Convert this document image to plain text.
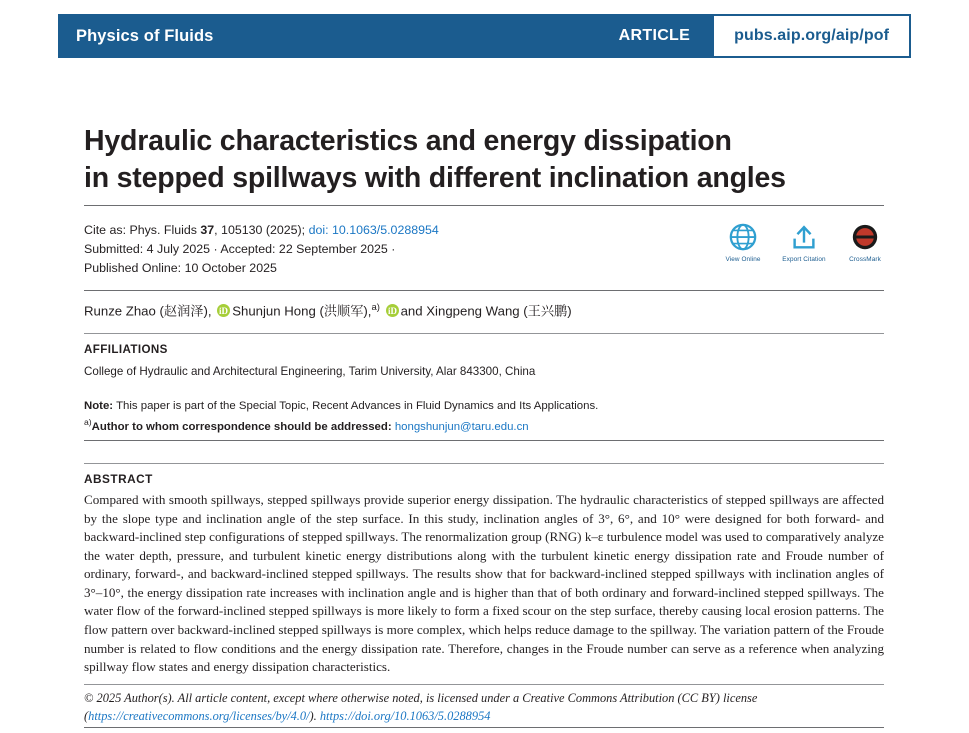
Physics of Fluids	ARTICLE	pubs.aip.org/aip/pof
Hydraulic characteristics and energy dissipation
in stepped spillways with different inclination angles
Cite as: Phys. Fluids 37, 105130 (2025); doi: 10.1063/5.0288954
Submitted: 4 July 2025 · Accepted: 22 September 2025 ·
Published Online: 10 October 2025
View Online	Export Citation	CrossMark
Runze Zhao (赵润泽), iD Shunjun Hong (洪顺军),$^{a)}$ iD and Xingpeng Wang (王兴鹏)
AFFILIATIONS
College of Hydraulic and Architectural Engineering, Tarim University, Alar 843300, China
Note: This paper is part of the Special Topic, Recent Advances in Fluid Dynamics and Its Applications.
$^{a)}$Author to whom correspondence should be addressed: hongshunjun@taru.edu.cn
ABSTRACT
Compared with smooth spillways, stepped spillways provide superior energy dissipation. The hydraulic characteristics of stepped spillways are affected by the slope type and inclination angle of the step surface. In this study, inclination angles of 3°, 6°, and 10° were designed for both forward- and backward-inclined step configurations of stepped spillways. The renormalization group (RNG) k–ε turbulence model was used to comparatively analyze the water depth, pressure, and turbulent kinetic energy distributions along with the turbulent kinetic energy dissipation rate and Froude number of ordinary, forward-, and backward-inclined stepped spillways. The results show that for backward-inclined stepped spillways with inclination angles of 3°–10°, the energy dissipation rate increases with inclination angle and is higher than that of both ordinary and forward-inclined stepped spillways. The water flow of the forward-inclined stepped spillways is more likely to form a fixed scour on the step surface, thereby causing local erosion patterns. The flow pattern over backward-inclined stepped spillways is more complex, which helps reduce damage to the spillway. The variation pattern of the Froude number is related to flow conditions and the energy dissipation rate. Therefore, changes in the Froude number can serve as a reference when analyzing spillway flow states and energy dissipation characteristics.
© 2025 Author(s). All article content, except where otherwise noted, is licensed under a Creative Commons Attribution (CC BY) license (https://creativecommons.org/licenses/by/4.0/). https://doi.org/10.1063/5.0288954
